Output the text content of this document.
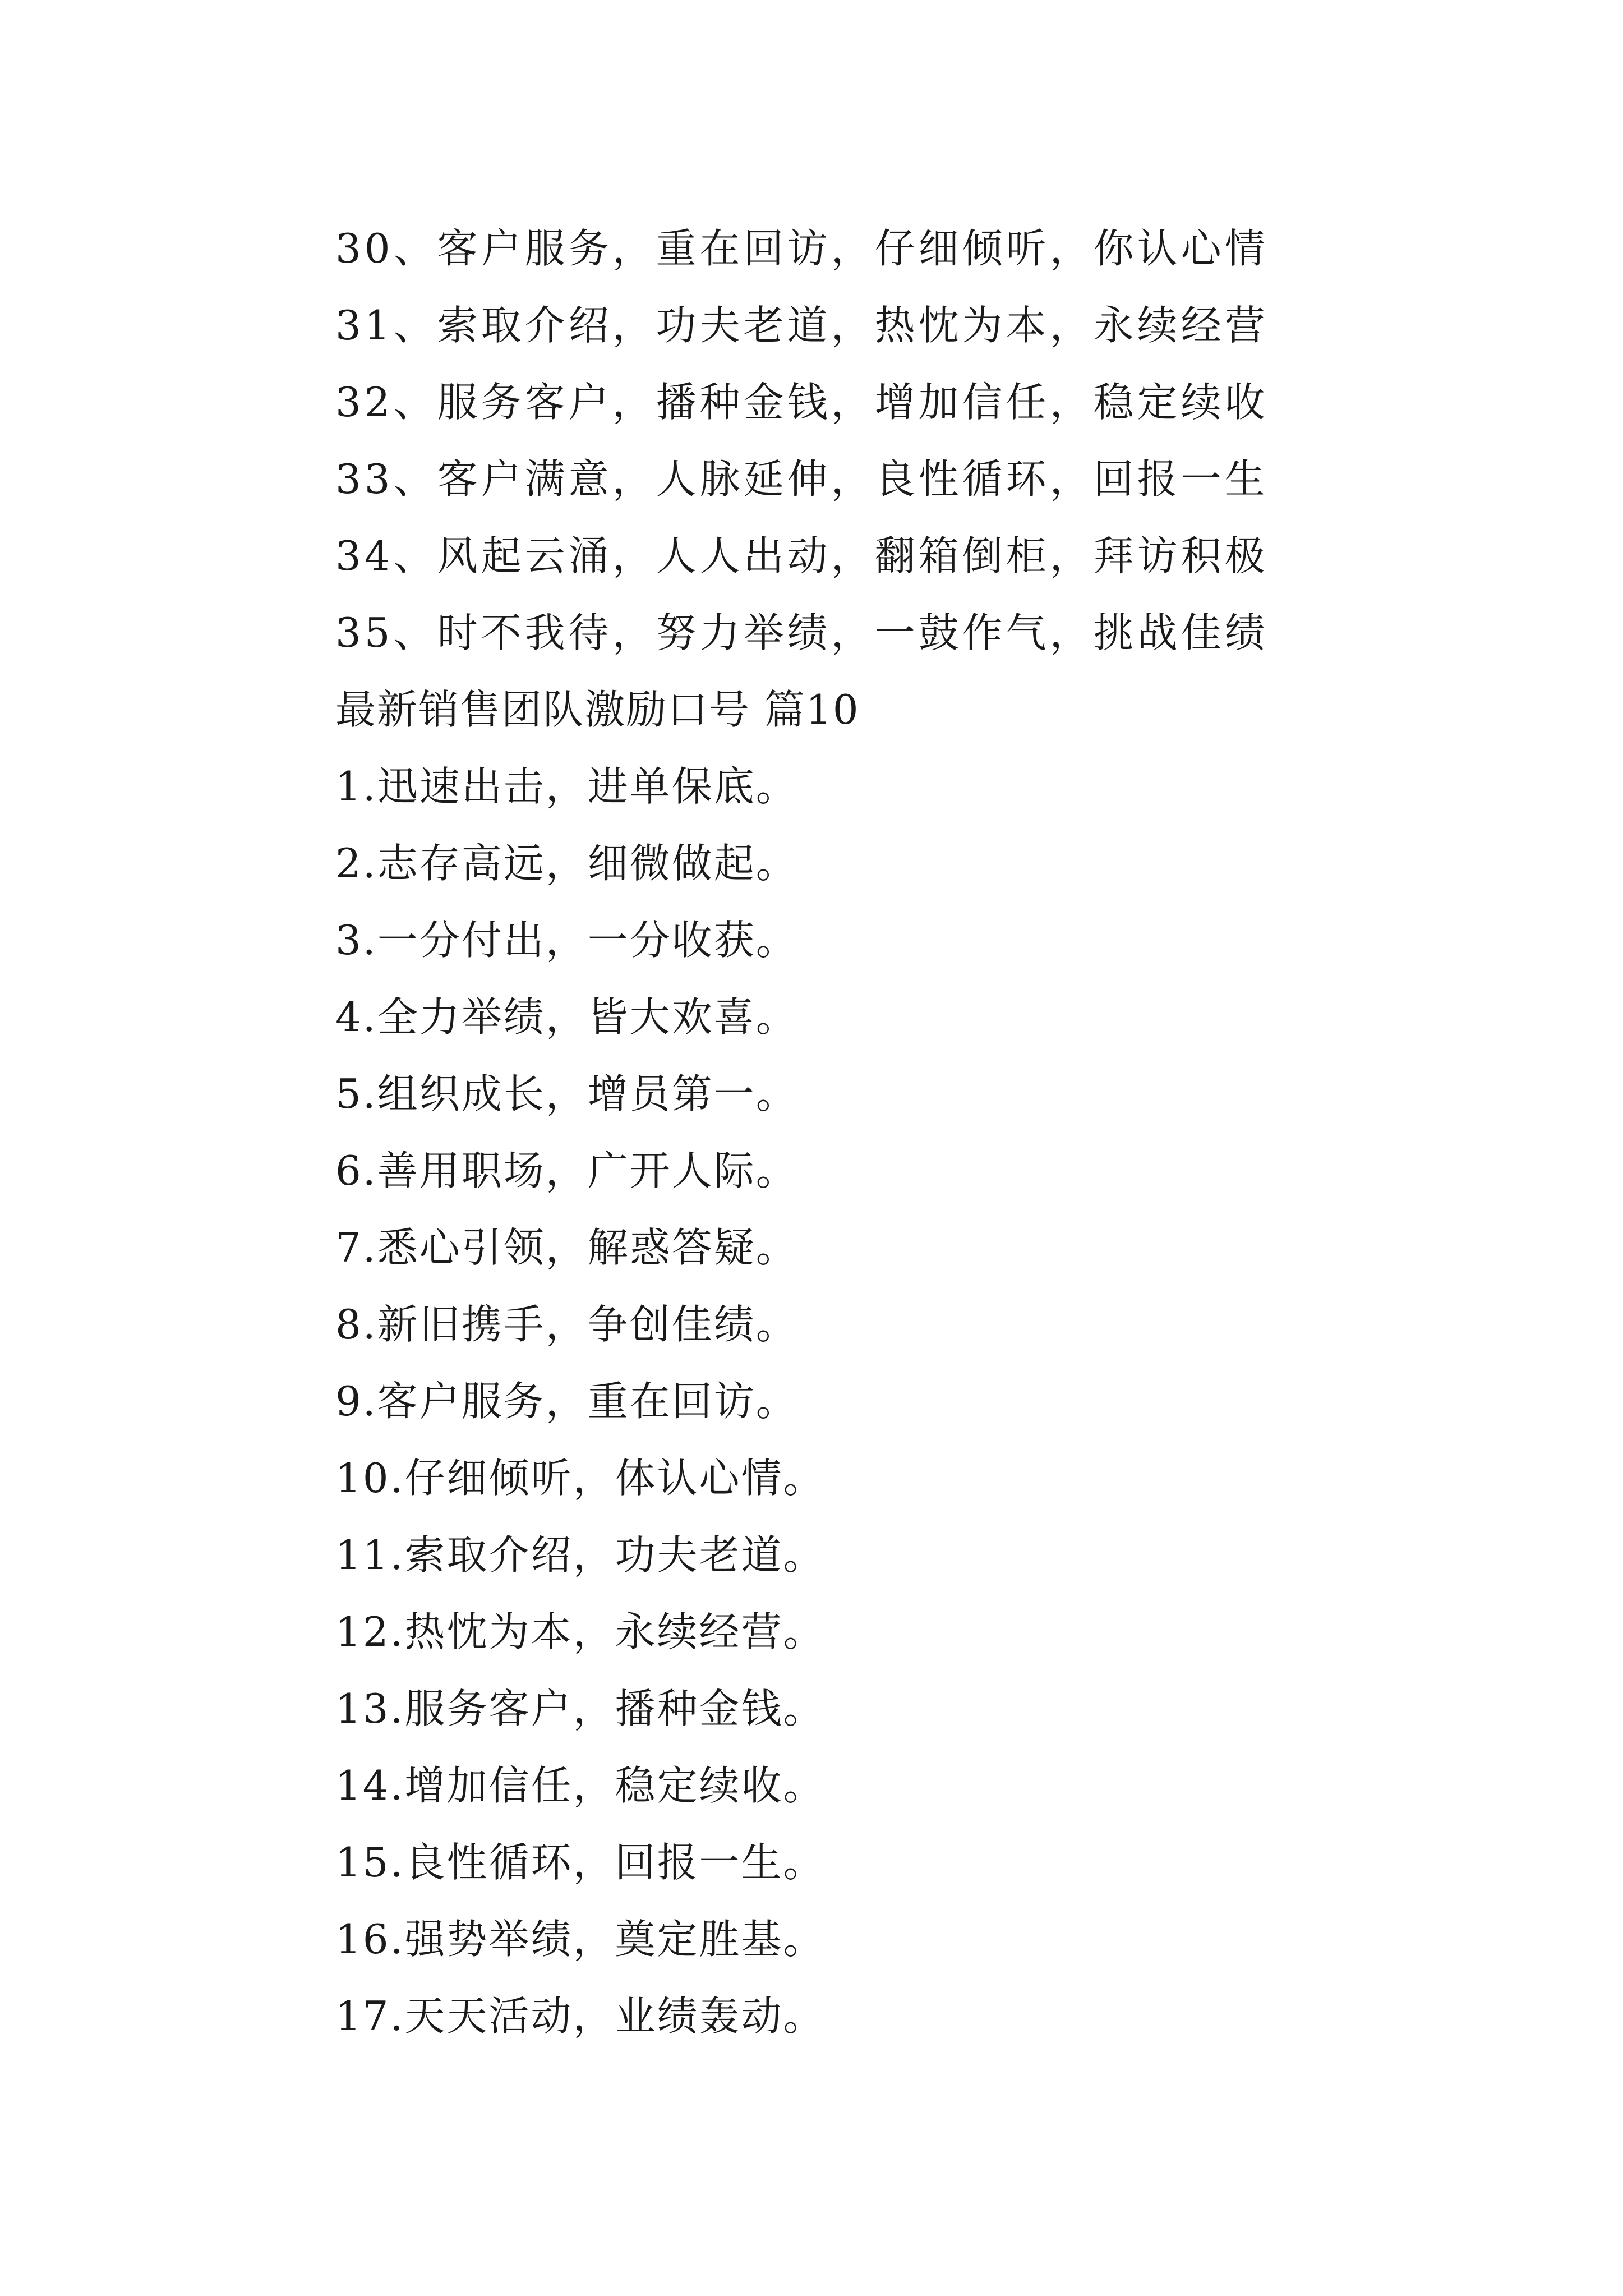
30、客户服务，重在回访，仔细倾听，你认心情
31、索取介绍，功夫老道，热忱为本，永续经营
32、服务客户，播种金钱，增加信任，稳定续收
33、客户满意，人脉延伸，良性循环，回报一生
34、风起云涌，人人出动，翻箱倒柜，拜访积极
35、时不我待，努力举绩，一鼓作气，挑战佳绩
最新销售团队激励口号 篇10
1.迅速出击，进单保底。
2.志存高远，细微做起。
3.一分付出，一分收获。
4.全力举绩，皆大欢喜。
5.组织成长，增员第一。
6.善用职场，广开人际。
7.悉心引领，解惑答疑。
8.新旧携手，争创佳绩。
9.客户服务，重在回访。
10.仔细倾听，体认心情。
11.索取介绍，功夫老道。
12.热忱为本，永续经营。
13.服务客户，播种金钱。
14.增加信任，稳定续收。
15.良性循环，回报一生。
16.强势举绩，奠定胜基。
17.天天活动，业绩轰动。
